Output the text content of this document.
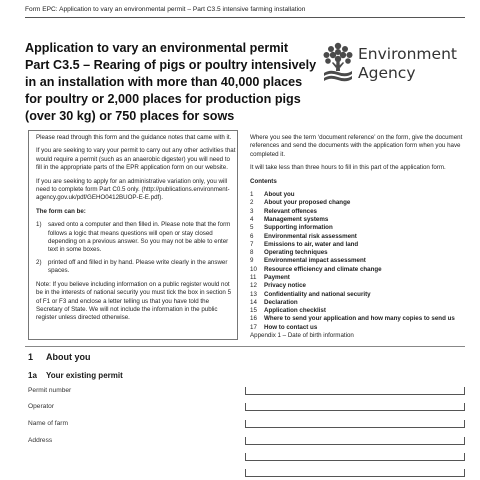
Form EPC: Application to vary an environmental permit – Part C3.5 intensive farming installation
Application to vary an environmental permit
Part C3.5 – Rearing of pigs or poultry intensively
in an installation with more than 40,000 places
for poultry or 2,000 places for production pigs
(over 30 kg) or 750 places for sows
Environment
Agency

Please read through this form and the guidance notes that came with it.

If you are seeking to vary your permit to carry out any other activities that would require a permit (such as an anaerobic digester) you will need to fill in the appropriate parts of the EPR application form on our website.

If you are seeking to apply for an administrative variation only, you will need to complete form Part C0.5 only. (http://publications.environment-agency.gov.uk/pdf/GEHO0412BUOP-E-E.pdf).

The form can be:

1)	saved onto a computer and then filled in. Please note that the form follows a logic that means questions will open or stay closed depending on a previous answer. So you may not be able to enter text in some boxes.
2)	printed off and filled in by hand. Please write clearly in the answer spaces.

Note: If you believe including information on a public register would not be in the interests of national security you must tick the box in section 5 of F1 or F3 and enclose a letter telling us that you have told the Secretary of State. We will not include the information in the public register unless directed otherwise.

Where you see the term ‘document reference’ on the form, give the document references and send the documents with the application form when you have completed it.

It will take less than three hours to fill in this part of the application form.

Contents

1	About you
2	About your proposed change
3	Relevant offences
4	Management systems
5	Supporting information
6	Environmental risk assessment
7	Emissions to air, water and land
8	Operating techniques
9	Environmental impact assessment
10	Resource efficiency and climate change
11	Payment
12	Privacy notice
13	Confidentiality and national security
14	Declaration
15	Application checklist
16	Where to send your application and how many copies to send us
17	How to contact us
Appendix 1 – Date of birth information
1 About you
1a Your existing permit
Permit number
Operator
Name of farm
Address
